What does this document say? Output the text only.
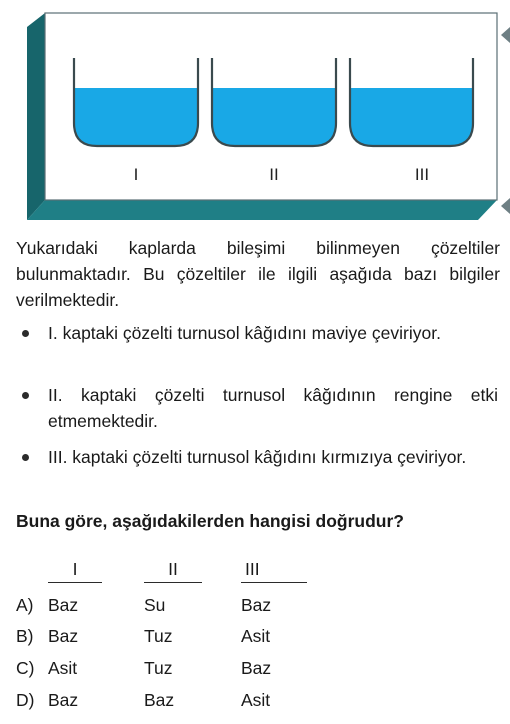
I	II	III
Yukarıdaki kaplarda bileşimi bilinmeyen çözeltiler bulunmaktadır. Bu çözeltiler ile ilgili aşağıda bazı bilgiler verilmektedir.
I. kaptaki çözelti turnusol kâğıdını maviye çeviriyor.
II. kaptaki çözelti turnusol kâğıdının rengine etki etmemektedir.
III. kaptaki çözelti turnusol kâğıdını kırmızıya çeviriyor.
Buna göre, aşağıdakilerden hangisi doğrudur?
I	II	III
A) Baz	Su	Baz
B) Baz	Tuz	Asit
C) Asit	Tuz	Baz
D) Baz	Baz	Asit
